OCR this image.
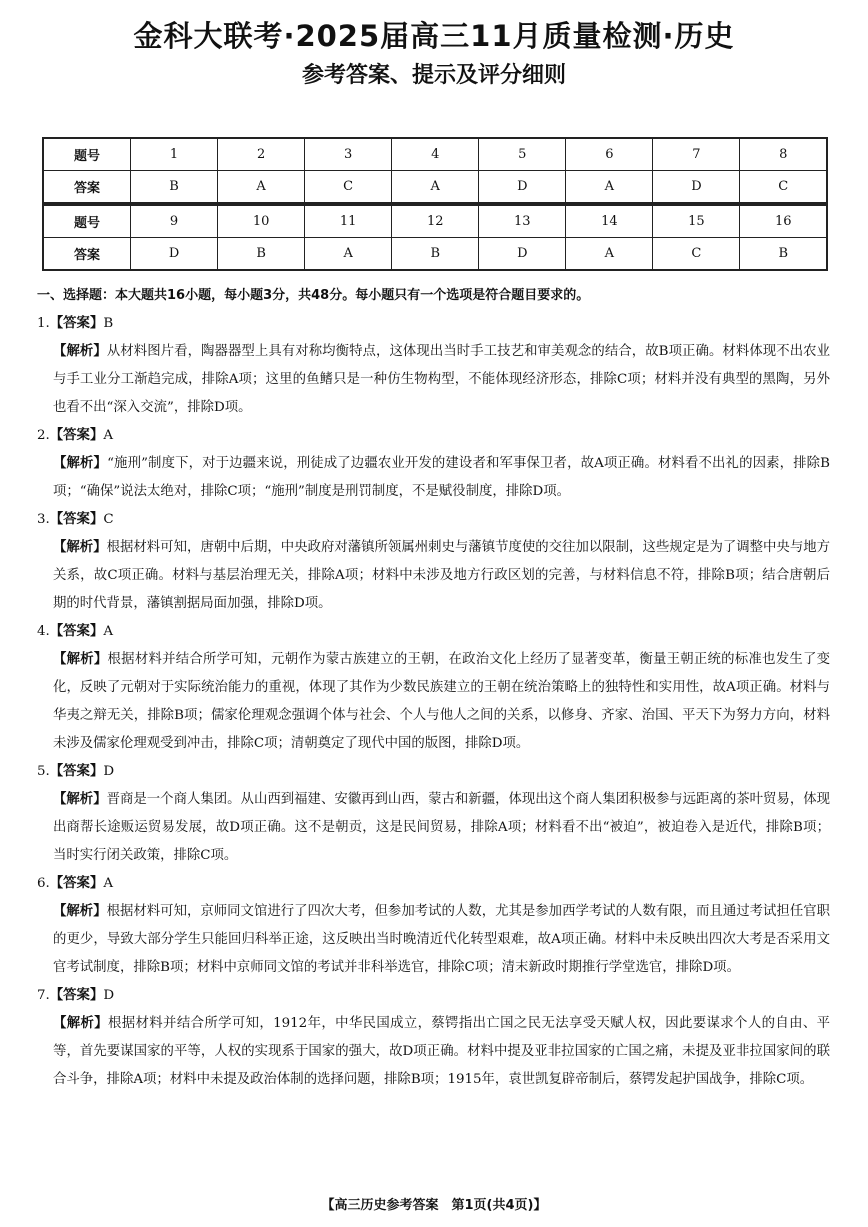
金科大联考·2025届高三11月质量检测·历史
参考答案、提示及评分细则
题号	1	2	3	4	5	6	7	8
答案	B	A	C	A	D	A	D	C
题号	9	10	11	12	13	14	15	16
答案	D	B	A	B	D	A	C	B
一、选择题：本大题共16小题，每小题3分，共48分。每小题只有一个选项是符合题目要求的。
1.【答案】B
【解析】从材料图片看，陶器器型上具有对称均衡特点，这体现出当时手工技艺和审美观念的结合，故B项正确。材料体现不出农业与手工业分工渐趋完成，排除A项；这里的鱼鳍只是一种仿生物构型，不能体现经济形态，排除C项；材料并没有典型的黑陶，另外也看不出“深入交流”，排除D项。
2.【答案】A
【解析】“施刑”制度下，对于边疆来说，刑徒成了边疆农业开发的建设者和军事保卫者，故A项正确。材料看不出礼的因素，排除B项；“确保”说法太绝对，排除C项；“施刑”制度是刑罚制度，不是赋役制度，排除D项。
3.【答案】C
【解析】根据材料可知，唐朝中后期，中央政府对藩镇所领属州刺史与藩镇节度使的交往加以限制，这些规定是为了调整中央与地方关系，故C项正确。材料与基层治理无关，排除A项；材料中未涉及地方行政区划的完善，与材料信息不符，排除B项；结合唐朝后期的时代背景，藩镇割据局面加强，排除D项。
4.【答案】A
【解析】根据材料并结合所学可知，元朝作为蒙古族建立的王朝，在政治文化上经历了显著变革，衡量王朝正统的标准也发生了变化，反映了元朝对于实际统治能力的重视，体现了其作为少数民族建立的王朝在统治策略上的独特性和实用性，故A项正确。材料与华夷之辩无关，排除B项；儒家伦理观念强调个体与社会、个人与他人之间的关系，以修身、齐家、治国、平天下为努力方向，材料未涉及儒家伦理观受到冲击，排除C项；清朝奠定了现代中国的版图，排除D项。
5.【答案】D
【解析】晋商是一个商人集团。从山西到福建、安徽再到山西，蒙古和新疆，体现出这个商人集团积极参与远距离的茶叶贸易，体现出商帮长途贩运贸易发展，故D项正确。这不是朝贡，这是民间贸易，排除A项；材料看不出“被迫”，被迫卷入是近代，排除B项；当时实行闭关政策，排除C项。
6.【答案】A
【解析】根据材料可知，京师同文馆进行了四次大考，但参加考试的人数，尤其是参加西学考试的人数有限，而且通过考试担任官职的更少，导致大部分学生只能回归科举正途，这反映出当时晚清近代化转型艰难，故A项正确。材料中未反映出四次大考是否采用文官考试制度，排除B项；材料中京师同文馆的考试并非科举选官，排除C项；清末新政时期推行学堂选官，排除D项。
7.【答案】D
【解析】根据材料并结合所学可知，1912年，中华民国成立，蔡锷指出亡国之民无法享受天赋人权，因此要谋求个人的自由、平等，首先要谋国家的平等，人权的实现系于国家的强大，故D项正确。材料中提及亚非拉国家的亡国之痛，未提及亚非拉国家间的联合斗争，排除A项；材料中未提及政治体制的选择问题，排除B项；1915年，袁世凯复辟帝制后，蔡锷发起护国战争，排除C项。
【高三历史参考答案　第1页(共4页)】
